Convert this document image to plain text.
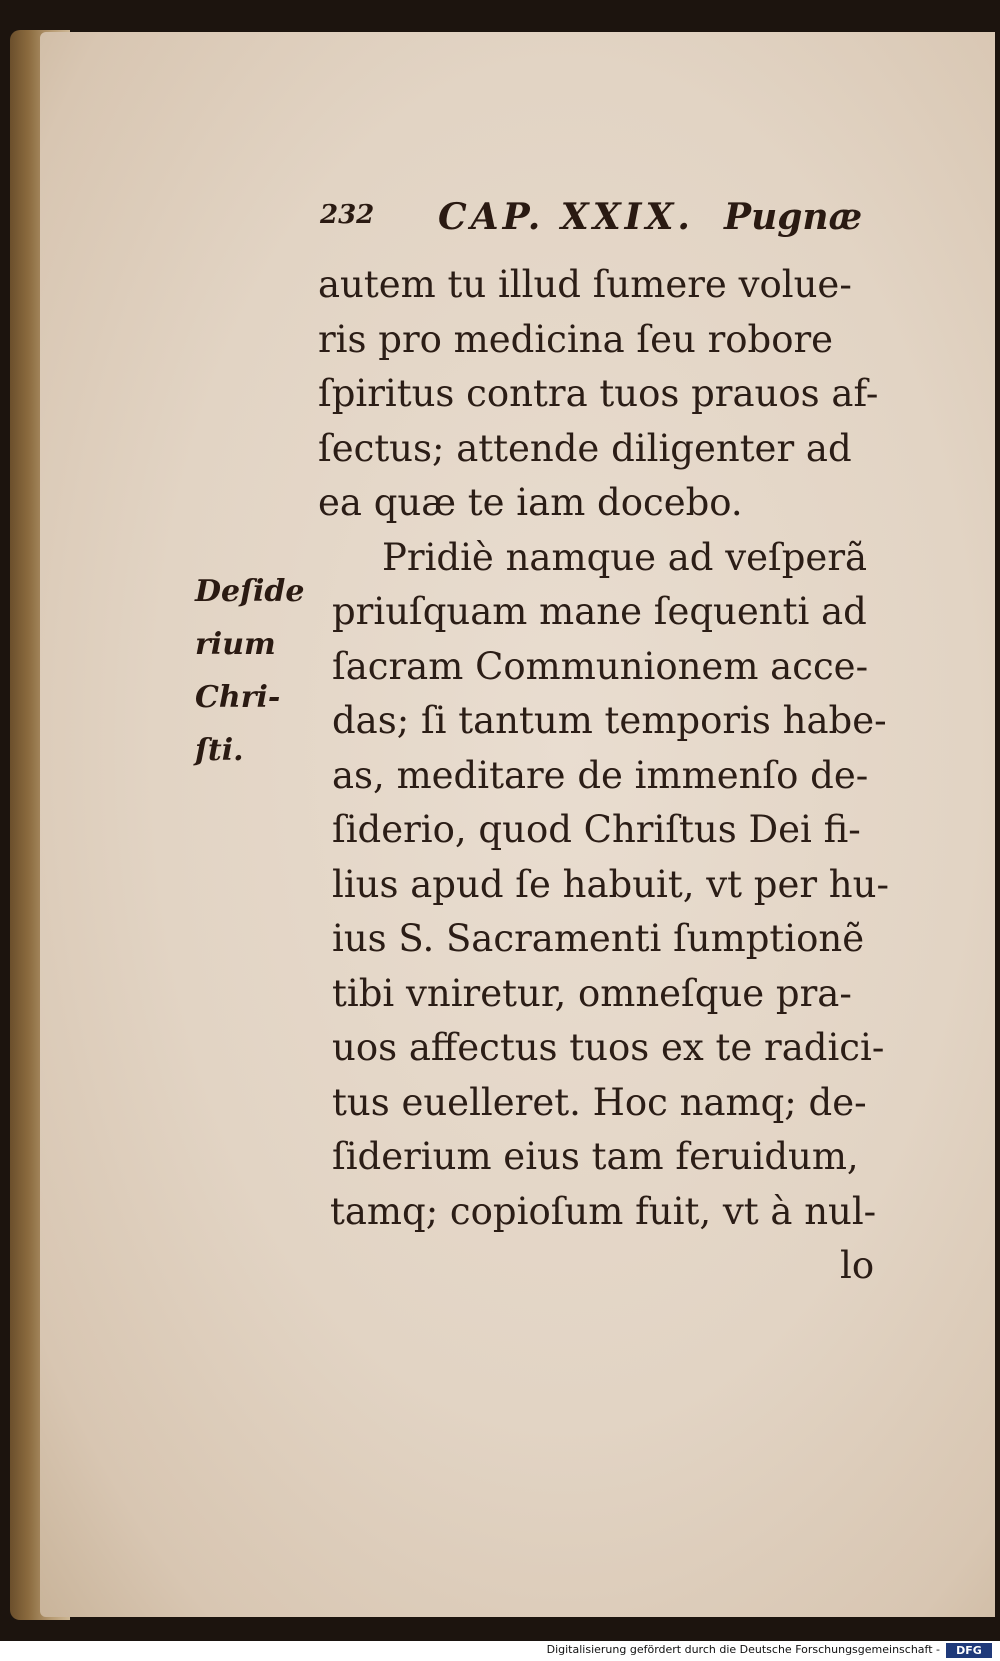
232 CAP. XXIX. Pugnæ
Deſide
rium
Chri-
ſti.
autem tu illud ſumere volue-
ris pro medicina ſeu robore
ſpiritus contra tuos prauos af-
ſectus; attende diligenter ad
ea quæ te iam docebo.
Pridiè namque ad veſperã
priuſquam mane ſequenti ad
ſacram Communionem acce-
das; ſi tantum temporis habe-
as, meditare de immenſo de-
ſiderio, quod Chriſtus Dei fi-
lius apud ſe habuit, vt per hu-
ius S. Sacramenti ſumptionẽ
tibi vniretur, omneſque pra-
uos affectus tuos ex te radici-
tus euelleret. Hoc namq; de-
ſiderium eius tam feruidum,
tamq; copioſum fuit, vt à nul-
lo
Digitalisierung gefördert durch die Deutsche Forschungsgemeinschaft -	DFG
